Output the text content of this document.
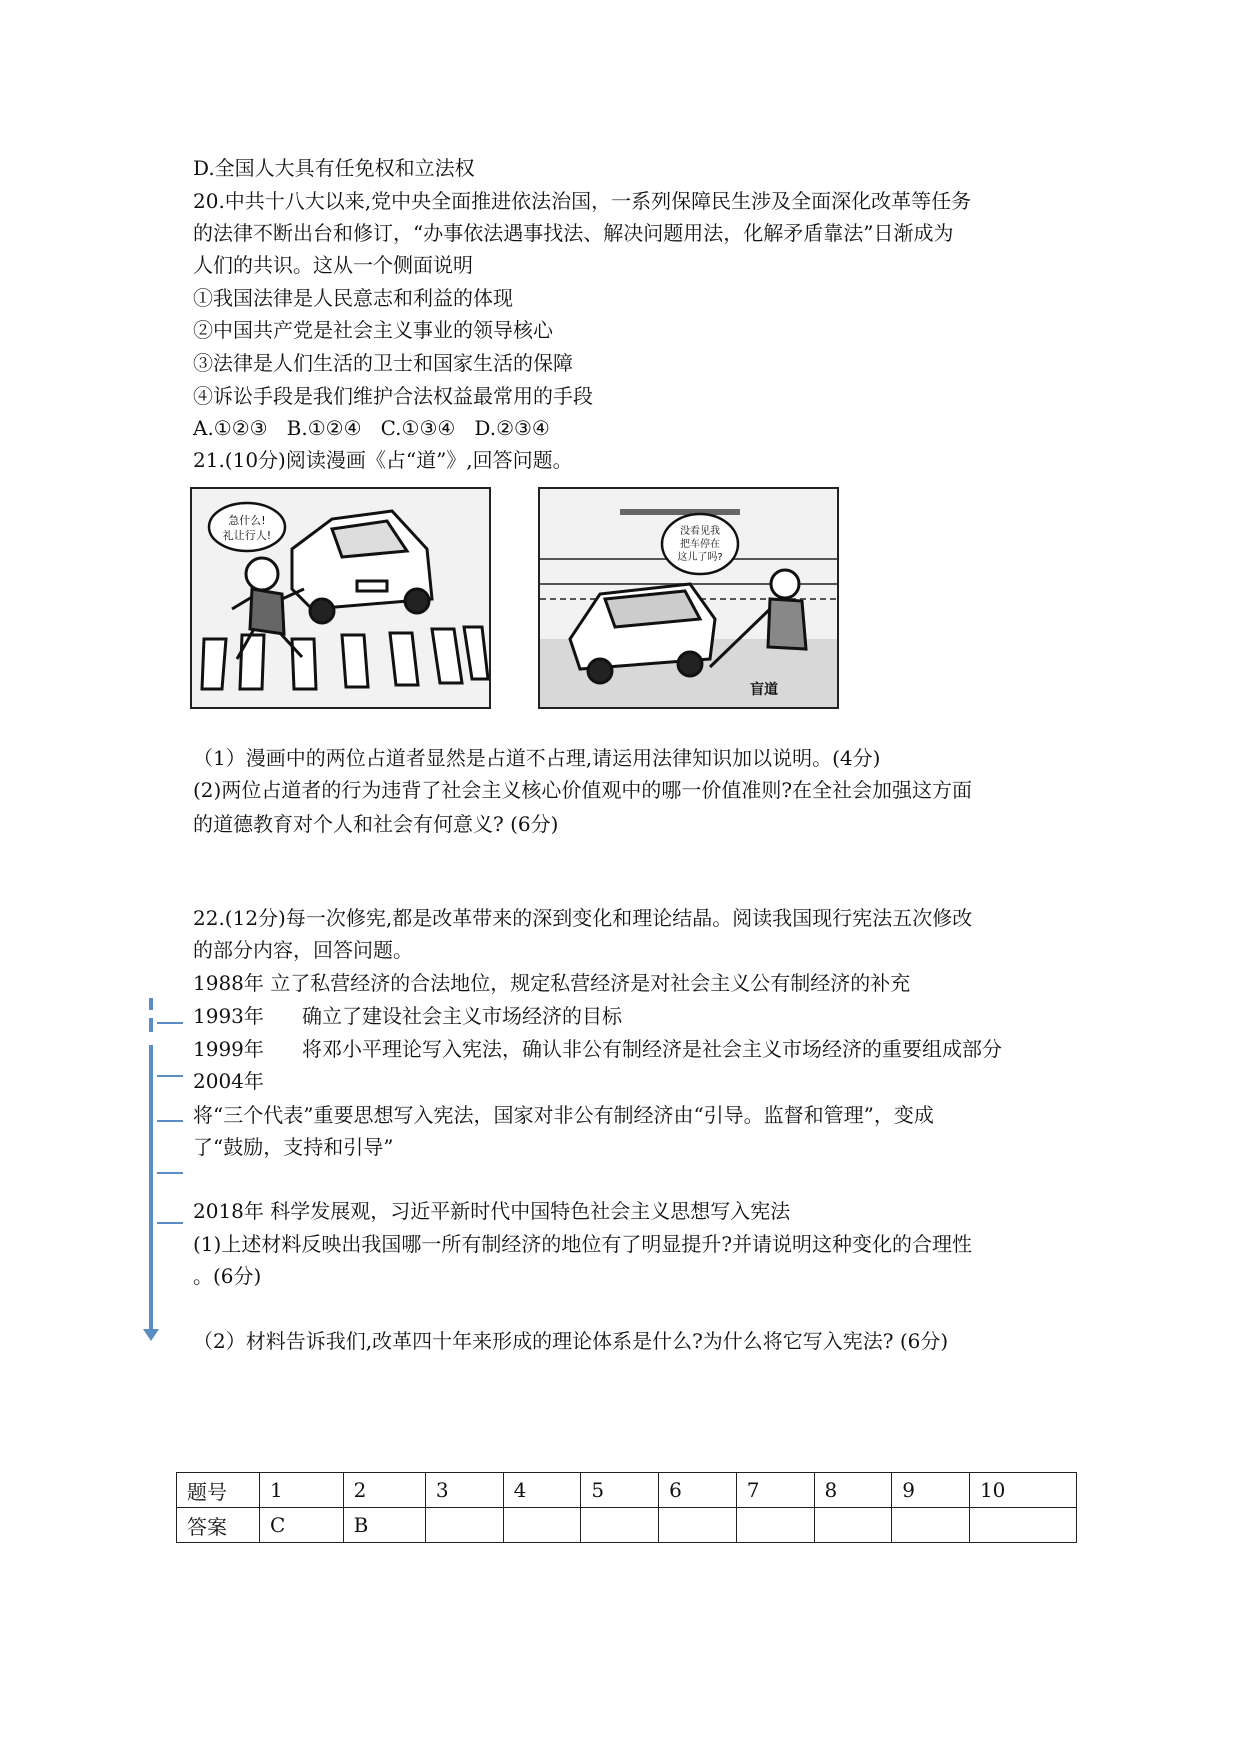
D.全国人大具有任免权和立法权
20.中共十八大以来,党中央全面推进依法治国，一系列保障民生涉及全面深化改革等任务
的法律不断出台和修订，“办事依法遇事找法、解决问题用法，化解矛盾靠法”日渐成为
人们的共识。这从一个侧面说明
①我国法律是人民意志和利益的体现
②中国共产党是社会主义事业的领导核心
③法律是人们生活的卫士和国家生活的保障
④诉讼手段是我们维护合法权益最常用的手段
A.①②③   B.①②④   C.①③④   D.②③④
21.(10分)阅读漫画《占“道”》,回答问题。
急什么!
礼让行人!	没看见我
把车停在
这儿了吗?
盲道
（1）漫画中的两位占道者显然是占道不占理,请运用法律知识加以说明。(4分)
(2)两位占道者的行为违背了社会主义核心价值观中的哪一价值准则?在全社会加强这方面
的道德教育对个人和社会有何意义? (6分)
22.(12分)每一次修宪,都是改革带来的深到变化和理论结晶。阅读我国现行宪法五次修改
的部分内容，回答问题。
1988年 立了私营经济的合法地位，规定私营经济是对社会主义公有制经济的补充
1993年      确立了建设社会主义市场经济的目标
1999年      将邓小平理论写入宪法，确认非公有制经济是社会主义市场经济的重要组成部分
2004年
将“三个代表”重要思想写入宪法，国家对非公有制经济由“引导。监督和管理”，变成
了“鼓励，支持和引导”
2018年 科学发展观，习近平新时代中国特色社会主义思想写入宪法
(1)上述材料反映出我国哪一所有制经济的地位有了明显提升?并请说明这种变化的合理性
。(6分)
（2）材料告诉我们,改革四十年来形成的理论体系是什么?为什么将它写入宪法? (6分)
题号	1	2	3	4	5	6	7	8	9	10
答案	C	B								
